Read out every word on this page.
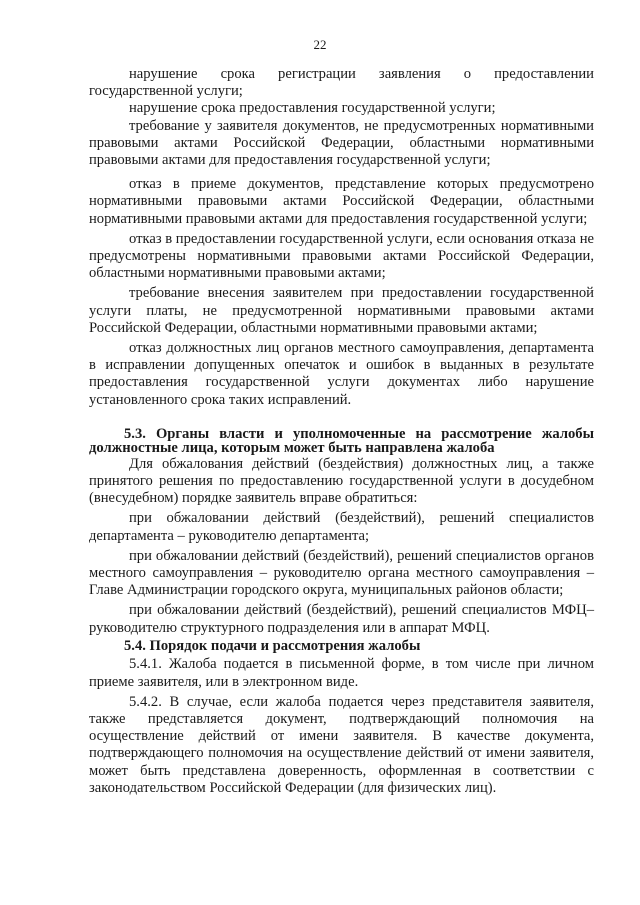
22

нарушение срока регистрации заявления о предоставлении государственной услуги;

нарушение срока предоставления государственной услуги;

требование у заявителя документов, не предусмотренных нормативными правовыми актами Российской Федерации, областными нормативными правовыми актами для предоставления государственной услуги;

отказ в приеме документов, представление которых предусмотрено нормативными правовыми актами Российской Федерации, областными нормативными правовыми актами для предоставления государственной услуги;

отказ в предоставлении государственной услуги, если основания отказа не предусмотрены нормативными правовыми актами Российской Федерации, областными нормативными правовыми актами;

требование внесения заявителем при предоставлении государственной услуги платы, не предусмотренной нормативными правовыми актами Российской Федерации, областными нормативными правовыми актами;

отказ должностных лиц органов местного самоуправления, департамента в исправлении допущенных опечаток и ошибок в выданных в результате предоставления государственной услуги документах либо нарушение установленного срока таких исправлений.

5.3. Органы власти и уполномоченные на рассмотрение жалобы должностные лица, которым может быть направлена жалоба

Для обжалования действий (бездействия) должностных лиц, а также принятого решения по предоставлению государственной услуги в досудебном (внесудебном) порядке заявитель вправе обратиться:

при обжаловании действий (бездействий), решений специалистов департамента – руководителю департамента;

при обжаловании действий (бездействий), решений специалистов органов местного самоуправления – руководителю органа местного самоуправления – Главе Администрации городского округа, муниципальных районов области;

при обжаловании действий (бездействий), решений специалистов МФЦ–руководителю структурного подразделения или в аппарат МФЦ.

5.4. Порядок подачи и рассмотрения жалобы

5.4.1. Жалоба подается в письменной форме, в том числе при личном приеме заявителя, или в электронном виде.

5.4.2. В случае, если жалоба подается через представителя заявителя, также представляется документ, подтверждающий полномочия на осуществление действий от имени заявителя. В качестве документа, подтверждающего полномочия на осуществление действий от имени заявителя, может быть представлена доверенность, оформленная в соответствии с законодательством Российской Федерации (для физических лиц).
